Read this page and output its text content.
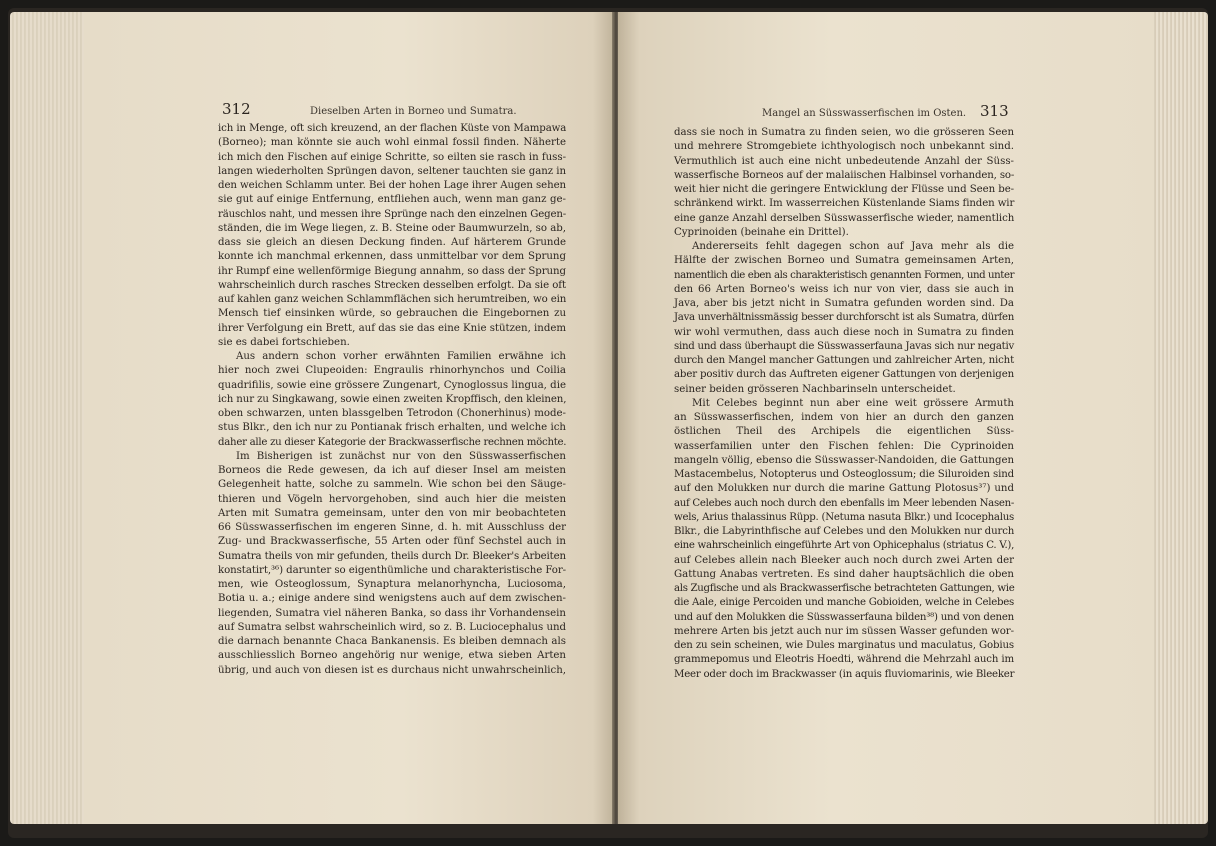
312	Dieselben Arten in Borneo und Sumatra.
ich in Menge, oft sich kreuzend, an der flachen Küste von Mampawa
(Borneo); man könnte sie auch wohl einmal fossil finden. Näherte
ich mich den Fischen auf einige Schritte, so eilten sie rasch in fuss-
langen wiederholten Sprüngen davon, seltener tauchten sie ganz in
den weichen Schlamm unter. Bei der hohen Lage ihrer Augen sehen
sie gut auf einige Entfernung, entfliehen auch, wenn man ganz ge-
räuschlos naht, und messen ihre Sprünge nach den einzelnen Gegen-
ständen, die im Wege liegen, z. B. Steine oder Baumwurzeln, so ab,
dass sie gleich an diesen Deckung finden. Auf härterem Grunde
konnte ich manchmal erkennen, dass unmittelbar vor dem Sprung
ihr Rumpf eine wellenförmige Biegung annahm, so dass der Sprung
wahrscheinlich durch rasches Strecken desselben erfolgt. Da sie oft
auf kahlen ganz weichen Schlammflächen sich herumtreiben, wo ein
Mensch tief einsinken würde, so gebrauchen die Eingebornen zu
ihrer Verfolgung ein Brett, auf das sie das eine Knie stützen, indem
sie es dabei fortschieben.
Aus andern schon vorher erwähnten Familien erwähne ich
hier noch zwei Clupeoiden: Engraulis rhinorhynchos und Coilia
quadrifilis, sowie eine grössere Zungenart, Cynoglossus lingua, die
ich nur zu Singkawang, sowie einen zweiten Kropffisch, den kleinen,
oben schwarzen, unten blassgelben Tetrodon (Chonerhinus) mode-
stus Blkr., den ich nur zu Pontianak frisch erhalten, und welche ich
daher alle zu dieser Kategorie der Brackwasserfische rechnen möchte.
Im Bisherigen ist zunächst nur von den Süsswasserfischen
Borneos die Rede gewesen, da ich auf dieser Insel am meisten
Gelegenheit hatte, solche zu sammeln. Wie schon bei den Säuge-
thieren und Vögeln hervorgehoben, sind auch hier die meisten
Arten mit Sumatra gemeinsam, unter den von mir beobachteten
66 Süsswasserfischen im engeren Sinne, d. h. mit Ausschluss der
Zug- und Brackwasserfische, 55 Arten oder fünf Sechstel auch in
Sumatra theils von mir gefunden, theils durch Dr. Bleeker's Arbeiten
konstatirt,³⁶) darunter so eigenthümliche und charakteristische For-
men, wie Osteoglossum, Synaptura melanorhyncha, Luciosoma,
Botia u. a.; einige andere sind wenigstens auch auf dem zwischen-
liegenden, Sumatra viel näheren Banka, so dass ihr Vorhandensein
auf Sumatra selbst wahrscheinlich wird, so z. B. Luciocephalus und
die darnach benannte Chaca Bankanensis. Es bleiben demnach als
ausschliesslich Borneo angehörig nur wenige, etwa sieben Arten
übrig, und auch von diesen ist es durchaus nicht unwahrscheinlich,
Mangel an Süsswasserfischen im Osten. 313
dass sie noch in Sumatra zu finden seien, wo die grösseren Seen
und mehrere Stromgebiete ichthyologisch noch unbekannt sind.
Vermuthlich ist auch eine nicht unbedeutende Anzahl der Süss-
wasserfische Borneos auf der malaiischen Halbinsel vorhanden, so-
weit hier nicht die geringere Entwicklung der Flüsse und Seen be-
schränkend wirkt. Im wasserreichen Küstenlande Siams finden wir
eine ganze Anzahl derselben Süsswasserfische wieder, namentlich
Cyprinoiden (beinahe ein Drittel).
Andererseits fehlt dagegen schon auf Java mehr als die
Hälfte der zwischen Borneo und Sumatra gemeinsamen Arten,
namentlich die eben als charakteristisch genannten Formen, und unter
den 66 Arten Borneo's weiss ich nur von vier, dass sie auch in
Java, aber bis jetzt nicht in Sumatra gefunden worden sind. Da
Java unverhältnissmässig besser durchforscht ist als Sumatra, dürfen
wir wohl vermuthen, dass auch diese noch in Sumatra zu finden
sind und dass überhaupt die Süsswasserfauna Javas sich nur negativ
durch den Mangel mancher Gattungen und zahlreicher Arten, nicht
aber positiv durch das Auftreten eigener Gattungen von derjenigen
seiner beiden grösseren Nachbarinseln unterscheidet.
Mit Celebes beginnt nun aber eine weit grössere Armuth
an Süsswasserfischen, indem von hier an durch den ganzen
östlichen Theil des Archipels die eigentlichen Süss-
wasserfamilien unter den Fischen fehlen: Die Cyprinoiden
mangeln völlig, ebenso die Süsswasser-Nandoiden, die Gattungen
Mastacembelus, Notopterus und Osteoglossum; die Siluroiden sind
auf den Molukken nur durch die marine Gattung Plotosus³⁷) und
auf Celebes auch noch durch den ebenfalls im Meer lebenden Nasen-
wels, Arius thalassinus Rüpp. (Netuma nasuta Blkr.) und Icocephalus
Blkr., die Labyrinthfische auf Celebes und den Molukken nur durch
eine wahrscheinlich eingeführte Art von Ophicephalus (striatus C. V.),
auf Celebes allein nach Bleeker auch noch durch zwei Arten der
Gattung Anabas vertreten. Es sind daher hauptsächlich die oben
als Zugfische und als Brackwasserfische betrachteten Gattungen, wie
die Aale, einige Percoiden und manche Gobioiden, welche in Celebes
und auf den Molukken die Süsswasserfauna bilden³⁸) und von denen
mehrere Arten bis jetzt auch nur im süssen Wasser gefunden wor-
den zu sein scheinen, wie Dules marginatus und maculatus, Gobius
grammepomus und Eleotris Hoedti, während die Mehrzahl auch im
Meer oder doch im Brackwasser (in aquis fluviomarinis, wie Bleeker
